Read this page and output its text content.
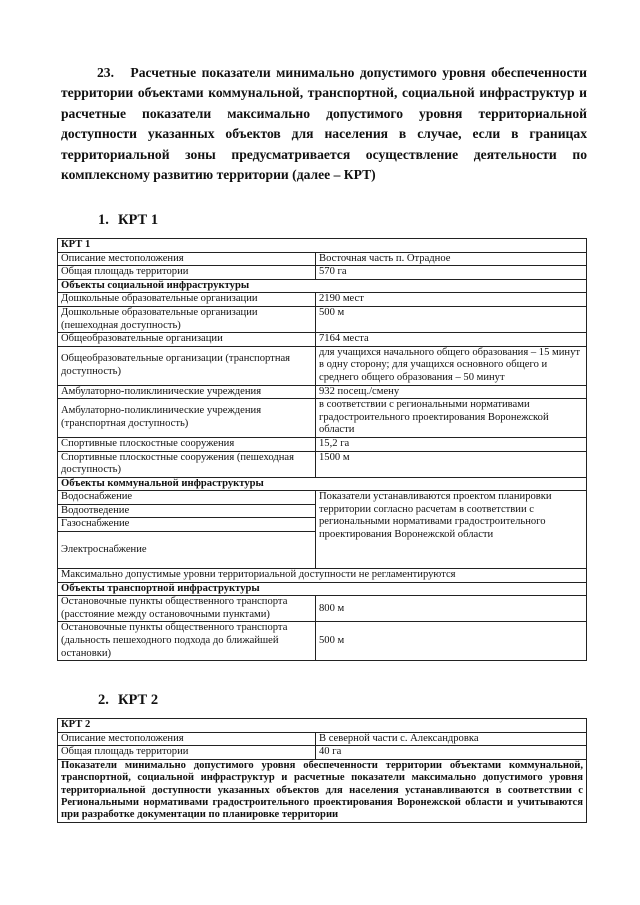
23. Расчетные показатели минимально допустимого уровня обеспеченности территории объектами коммунальной, транспортной, социальной инфраструктур и расчетные показатели максимально допустимого уровня территориальной доступности указанных объектов для населения в случае, если в границах территориальной зоны предусматривается осуществление деятельности по комплексному развитию территории (далее – КРТ)
1. КРТ 1
КРТ 1	
Описание местоположения	Восточная часть п. Отрадное
Общая площадь территории	570 га
Объекты социальной инфраструктуры	
Дошкольные образовательные организации	2190 мест
Дошкольные образовательные организации (пешеходная доступность)	500 м
Общеобразовательные организации	7164 места
Общеобразовательные организации (транспортная доступность)	для учащихся начального общего образования – 15 минут в одну сторону; для учащихся основного общего и среднего общего образования – 50 минут
Амбулаторно-поликлинические учреждения	932 посещ./смену
Амбулаторно-поликлинические учреждения (транспортная доступность)	в соответствии с региональными нормативами градостроительного проектирования Воронежской области
Спортивные плоскостные сооружения	15,2 га
Спортивные плоскостные сооружения (пешеходная доступность)	1500 м
Объекты коммунальной инфраструктуры	
Водоснабжение	Показатели устанавливаются проектом планировки территории согласно расчетам в соответствии с региональными нормативами градостроительного проектирования Воронежской области
Водоотведение	
Газоснабжение	
Электроснабжение	
Максимально допустимые уровни территориальной доступности не регламентируются	
Объекты транспортной инфраструктуры	
Остановочные пункты общественного транспорта (расстояние между остановочными пунктами)	800 м
Остановочные пункты общественного транспорта (дальность пешеходного подхода до ближайшей остановки)	500 м
2. КРТ 2
КРТ 2	
Описание местоположения	В северной части с. Александровка
Общая площадь территории	40 га
Показатели минимально допустимого уровня обеспеченности территории объектами коммунальной, транспортной, социальной инфраструктур и расчетные показатели максимально допустимого уровня территориальной доступности указанных объектов для населения устанавливаются в соответствии с Региональными нормативами градостроительного проектирования Воронежской области и учитываются при разработке документации по планировке территории	
